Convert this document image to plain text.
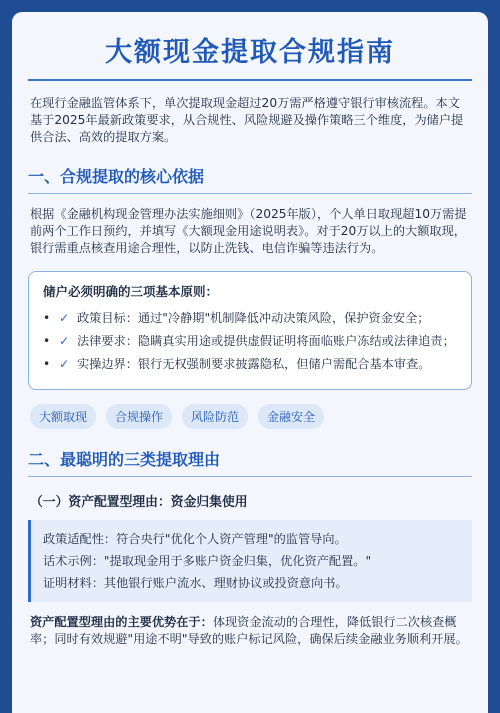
大额现金提取合规指南
在现行金融监管体系下，单次提取现金超过20万需严格遵守银行审核流程。本文基于2025年最新政策要求，从合规性、风险规避及操作策略三个维度，为储户提供合法、高效的提取方案。
一、合规提取的核心依据
根据《金融机构现金管理办法实施细则》（2025年版），个人单日取现超10万需提前两个工作日预约，并填写《大额现金用途说明表》。对于20万以上的大额取现，银行需重点核查用途合理性，以防止洗钱、电信诈骗等违法行为。
储户必须明确的三项基本原则：
• ✓ 政策目标：通过"冷静期"机制降低冲动决策风险，保护资金安全；
• ✓ 法律要求：隐瞒真实用途或提供虚假证明将面临账户冻结或法律追责；
• ✓ 实操边界：银行无权强制要求披露隐私，但储户需配合基本审查。
大额取现	合规操作	风险防范	金融安全
二、最聪明的三类提取理由
（一）资产配置型理由：资金归集使用
政策适配性：符合央行"优化个人资产管理"的监管导向。
话术示例："提取现金用于多账户资金归集，优化资产配置。"
证明材料：其他银行账户流水、理财协议或投资意向书。
资产配置型理由的主要优势在于：体现资金流动的合理性，降低银行二次核查概率；同时有效规避"用途不明"导致的账户标记风险，确保后续金融业务顺利开展。
